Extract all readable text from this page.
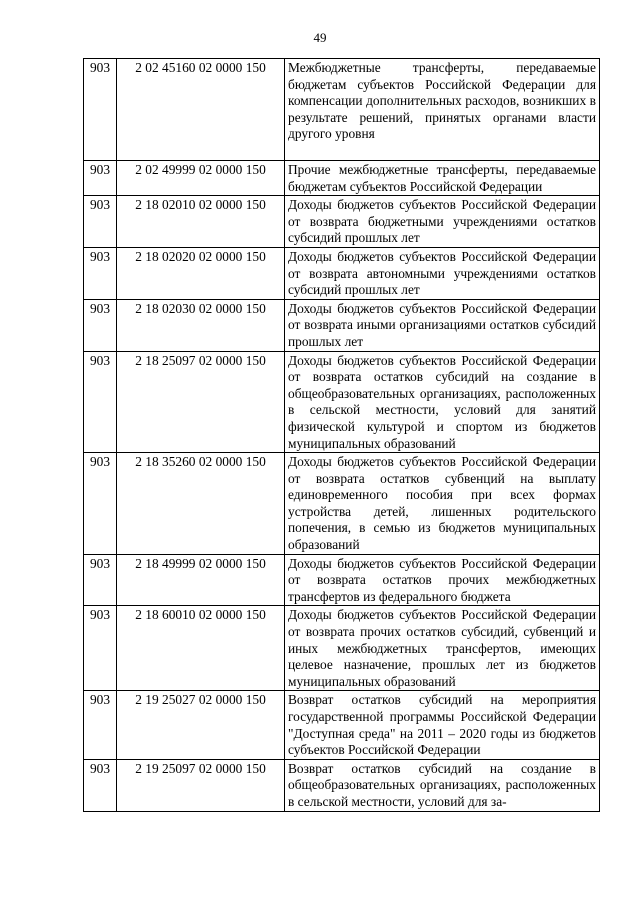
49
903	2 02 45160 02 0000 150	Межбюджетные трансферты, передаваемые бюджетам субъектов Российской Федерации для компенсации дополнительных расходов, возникших в результате решений, принятых органами власти другого уровня
903	2 02 49999 02 0000 150	Прочие межбюджетные трансферты, передаваемые бюджетам субъектов Российской Федерации
903	2 18 02010 02 0000 150	Доходы бюджетов субъектов Российской Федерации от возврата бюджетными учреждениями остатков субсидий прошлых лет
903	2 18 02020 02 0000 150	Доходы бюджетов субъектов Российской Федерации от возврата автономными учреждениями остатков субсидий прошлых лет
903	2 18 02030 02 0000 150	Доходы бюджетов субъектов Российской Федерации от возврата иными организациями остатков субсидий прошлых лет
903	2 18 25097 02 0000 150	Доходы бюджетов субъектов Российской Федерации от возврата остатков субсидий на создание в общеобразовательных организациях, расположенных в сельской местности, условий для занятий физической культурой и спортом из бюджетов муниципальных образований
903	2 18 35260 02 0000 150	Доходы бюджетов субъектов Российской Федерации от возврата остатков субвенций на выплату единовременного пособия при всех формах устройства детей, лишенных родительского попечения, в семью из бюджетов муниципальных образований
903	2 18 49999 02 0000 150	Доходы бюджетов субъектов Российской Федерации от возврата остатков прочих межбюджетных трансфертов из федерального бюджета
903	2 18 60010 02 0000 150	Доходы бюджетов субъектов Российской Федерации от возврата прочих остатков субсидий, субвенций и иных межбюджетных трансфертов, имеющих целевое назначение, прошлых лет из бюджетов муниципальных образований
903	2 19 25027 02 0000 150	Возврат остатков субсидий на мероприятия государственной программы Российской Федерации "Доступная среда" на 2011 – 2020 годы из бюджетов субъектов Российской Федерации
903	2 19 25097 02 0000 150	Возврат остатков субсидий на создание в общеобразовательных организациях, расположенных в сельской местности, условий для за-
